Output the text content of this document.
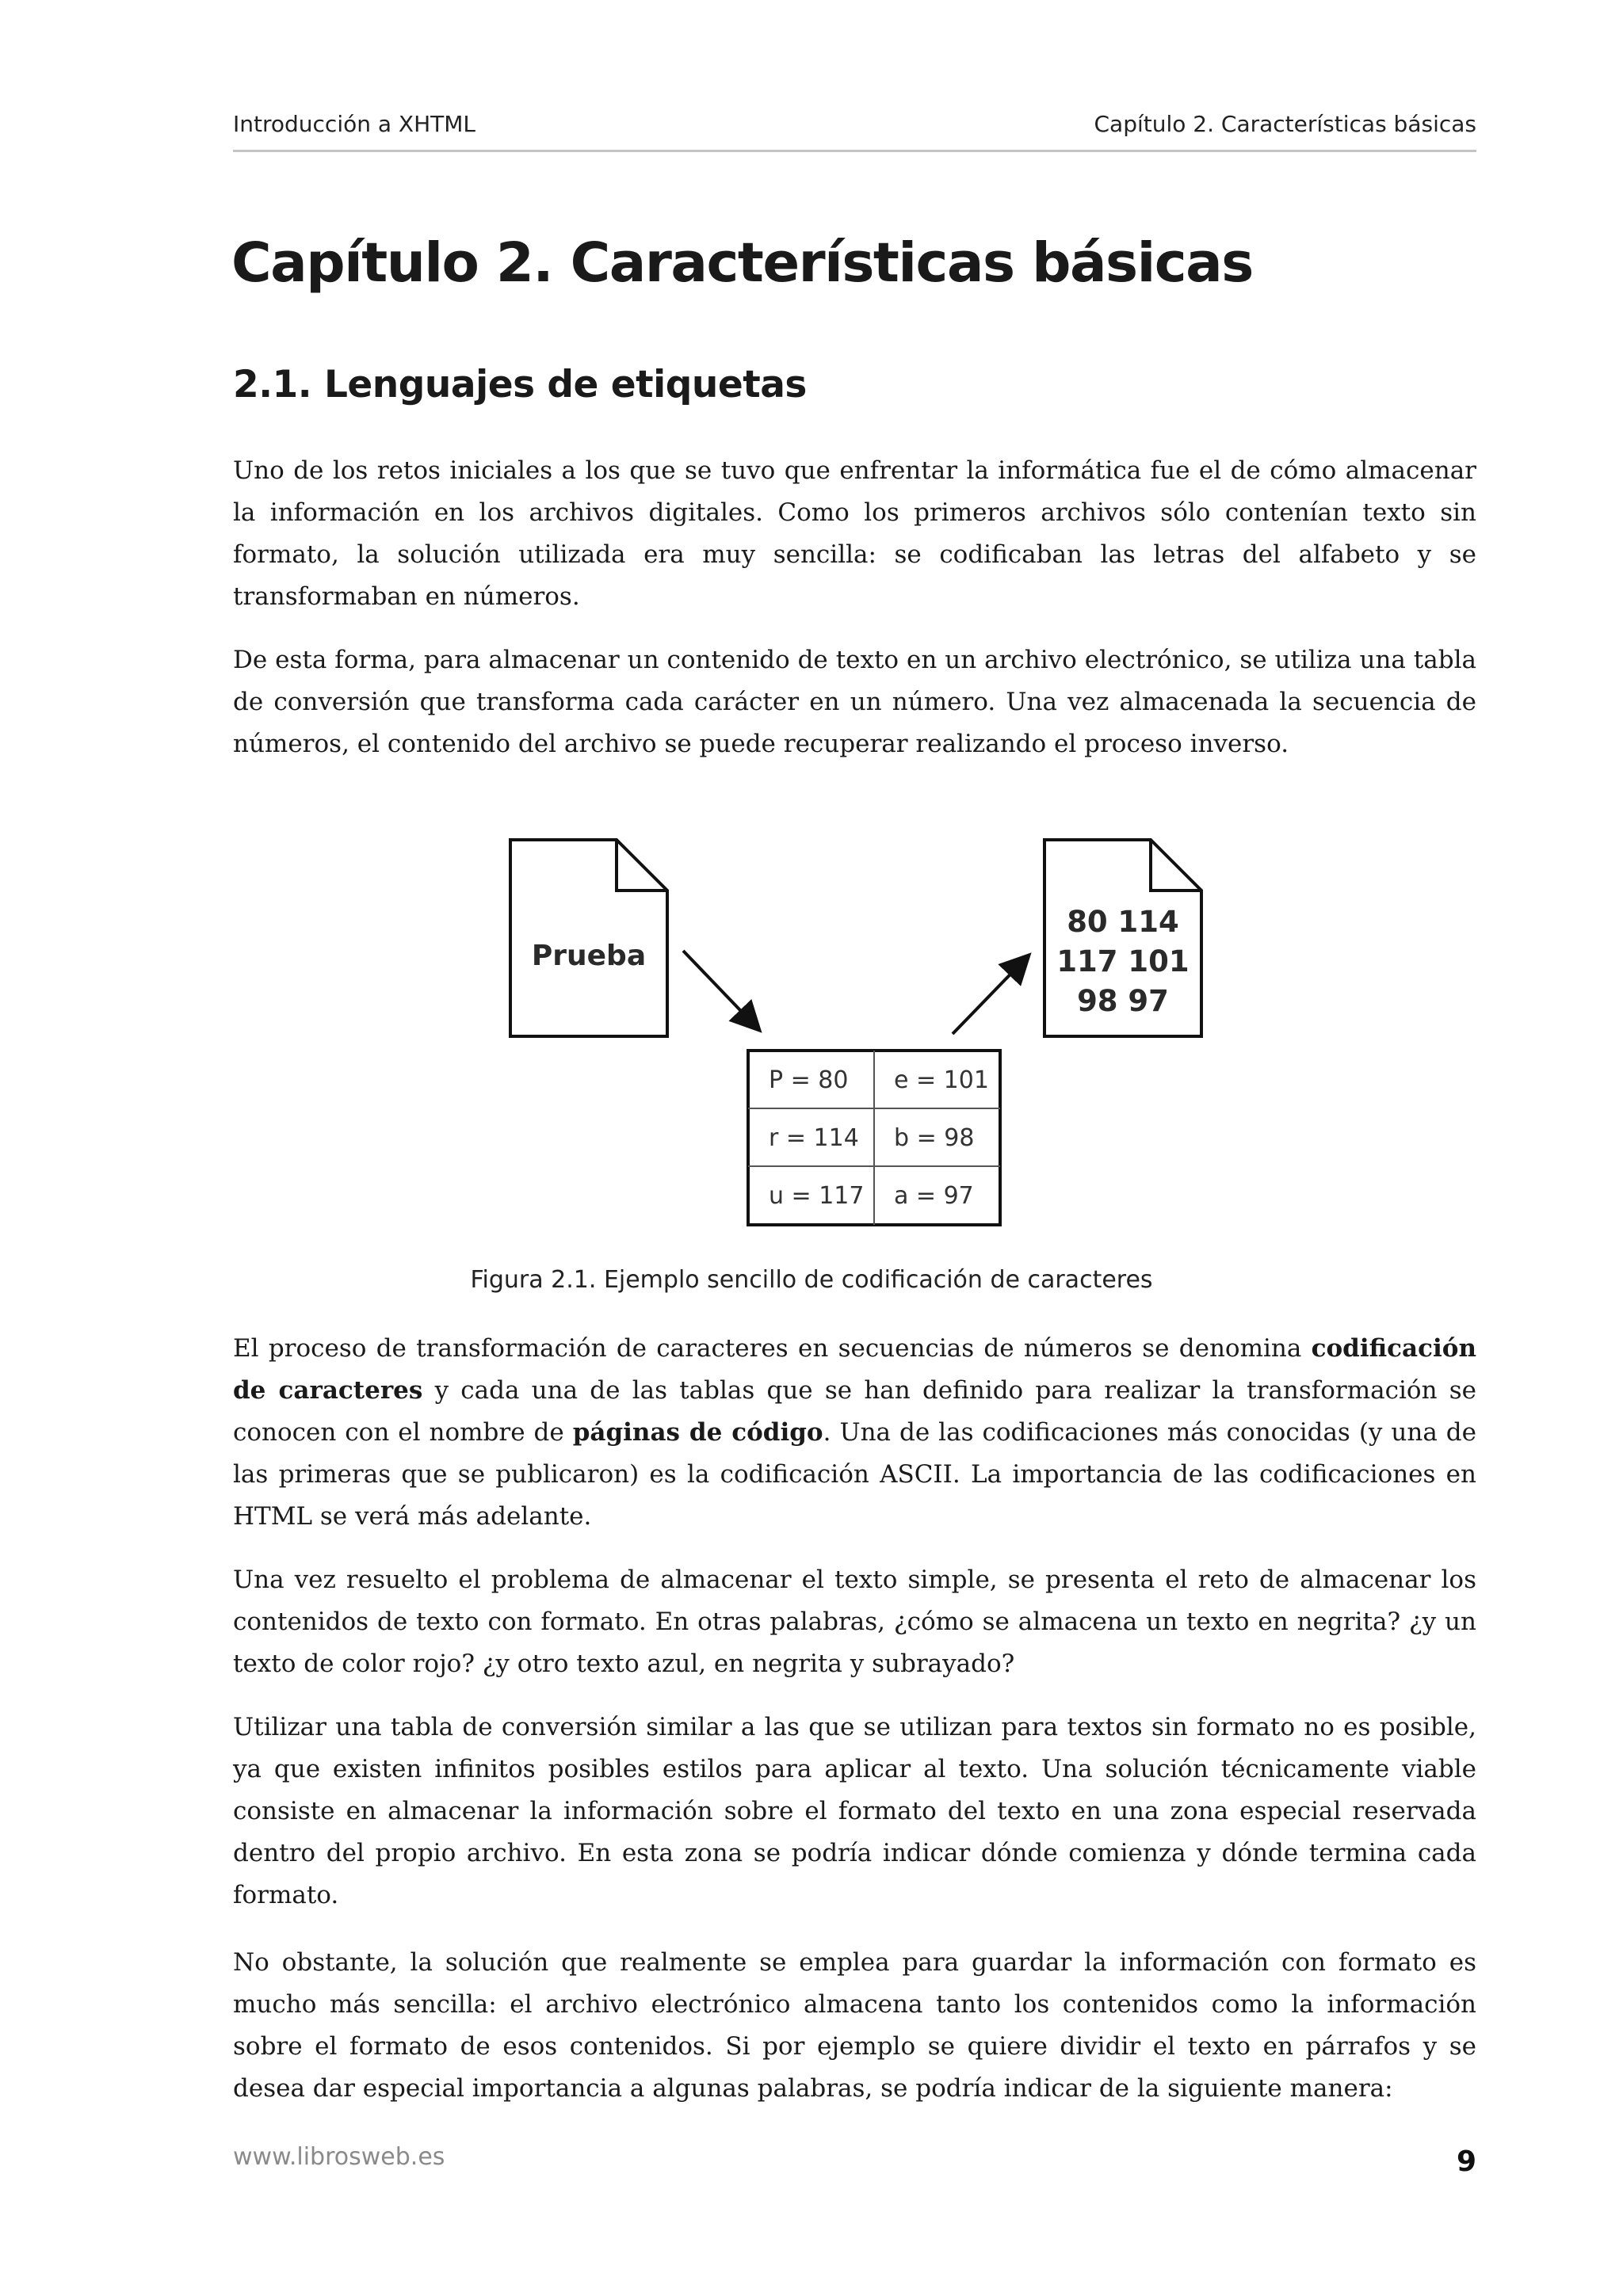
Introducción a XHTML	Capítulo 2. Características básicas
Capítulo 2. Características básicas
2.1. Lenguajes de etiquetas

Uno de los retos iniciales a los que se tuvo que enfrentar la informática fue el de cómo almacenar la información en los archivos digitales. Como los primeros archivos sólo contenían texto sin formato, la solución utilizada era muy sencilla: se codificaban las letras del alfabeto y se transformaban en números.

De esta forma, para almacenar un contenido de texto en un archivo electrónico, se utiliza una tabla de conversión que transforma cada carácter en un número. Una vez almacenada la secuencia de números, el contenido del archivo se puede recuperar realizando el proceso inverso.

Prueba
80 114
117 101
98 97
P = 80 e = 101
r = 114 b = 98
u = 117 a = 97
Figura 2.1. Ejemplo sencillo de codificación de caracteres

El proceso de transformación de caracteres en secuencias de números se denomina codificación de caracteres y cada una de las tablas que se han definido para realizar la transformación se conocen con el nombre de páginas de código. Una de las codificaciones más conocidas (y una de las primeras que se publicaron) es la codificación ASCII. La importancia de las codificaciones en HTML se verá más adelante.

Una vez resuelto el problema de almacenar el texto simple, se presenta el reto de almacenar los contenidos de texto con formato. En otras palabras, ¿cómo se almacena un texto en negrita? ¿y un texto de color rojo? ¿y otro texto azul, en negrita y subrayado?

Utilizar una tabla de conversión similar a las que se utilizan para textos sin formato no es posible, ya que existen infinitos posibles estilos para aplicar al texto. Una solución técnicamente viable consiste en almacenar la información sobre el formato del texto en una zona especial reservada dentro del propio archivo. En esta zona se podría indicar dónde comienza y dónde termina cada formato.

No obstante, la solución que realmente se emplea para guardar la información con formato es mucho más sencilla: el archivo electrónico almacena tanto los contenidos como la información sobre el formato de esos contenidos. Si por ejemplo se quiere dividir el texto en párrafos y se desea dar especial importancia a algunas palabras, se podría indicar de la siguiente manera:

www.librosweb.es	9
